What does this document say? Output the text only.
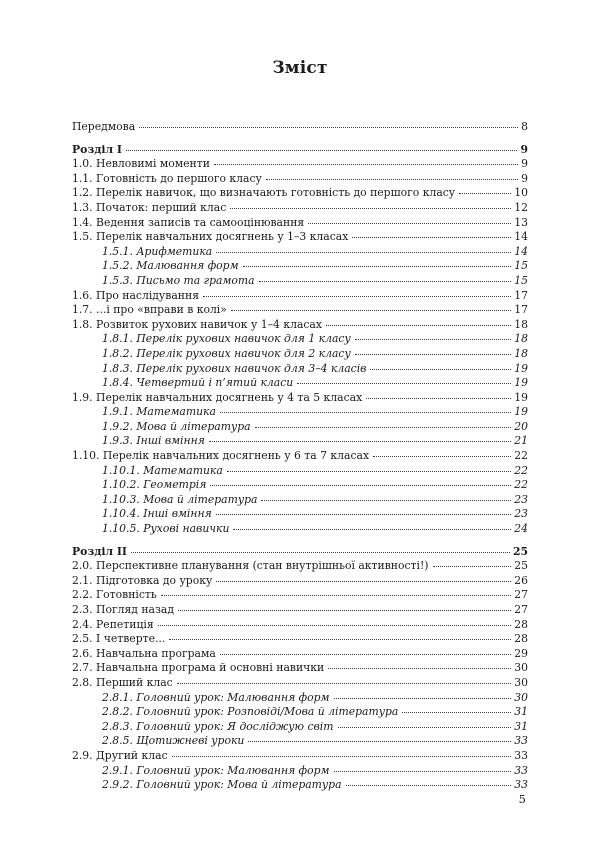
Зміст
Передмова	8
Розділ I	9
1.0. Невловимі моменти	9
1.1. Готовність до першого класу	9
1.2. Перелік навичок, що визначають готовність до першого класу	10
1.3. Початок: перший клас	12
1.4. Ведення записів та самооцінювання	13
1.5. Перелік навчальних досягнень у 1–3 класах	14
1.5.1. Арифметика	14
1.5.2. Малювання форм	15
1.5.3. Письмо та грамота	15
1.6. Про наслідування	17
1.7. ...і про «вправи в колі»	17
1.8. Розвиток рухових навичок у 1–4 класах	18
1.8.1. Перелік рухових навичок для 1 класу	18
1.8.2. Перелік рухових навичок для 2 класу	18
1.8.3. Перелік рухових навичок для 3–4 класів	19
1.8.4. Четвертий і п’ятий класи	19
1.9. Перелік навчальних досягнень у 4 та 5 класах	19
1.9.1. Математика	19
1.9.2. Мова й література	20
1.9.3. Інші вміння	21
1.10. Перелік навчальних досягнень у 6 та 7 класах	22
1.10.1. Математика	22
1.10.2. Геометрія	22
1.10.3. Мова й література	23
1.10.4. Інші вміння	23
1.10.5. Рухові навички	24
Розділ II	25
2.0. Перспективне планування (стан внутрішньої активності!)	25
2.1. Підготовка до уроку	26
2.2. Готовність	27
2.3. Погляд назад	27
2.4. Репетиція	28
2.5. І четверте...	28
2.6. Навчальна програма	29
2.7. Навчальна програма й основні навички	30
2.8. Перший клас	30
2.8.1. Головний урок: Малювання форм	30
2.8.2. Головний урок: Розповіді/Мова й література	31
2.8.3. Головний урок: Я досліджую світ	31
2.8.5. Щотижневі уроки	33
2.9. Другий клас	33
2.9.1. Головний урок: Малювання форм	33
2.9.2. Головний урок: Мова й література	33
5
